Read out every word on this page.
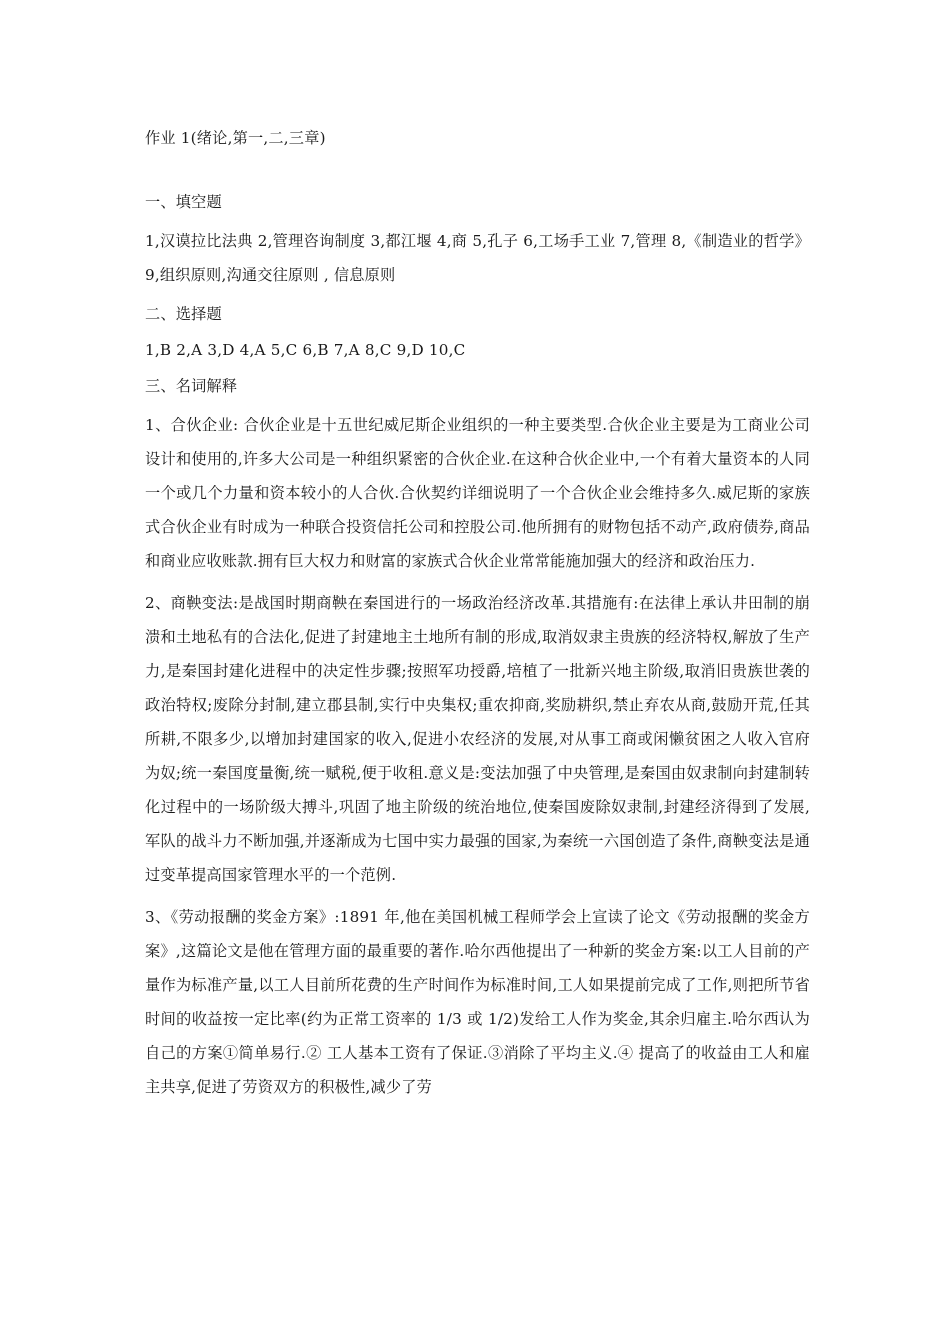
作业 1(绪论,第一,二,三章)
一、填空题
1,汉谟拉比法典 2,管理咨询制度 3,都江堰 4,商 5,孔子 6,工场手工业 7,管理 8,《制造业的哲学》 9,组织原则,沟通交往原则 , 信息原则
二、选择题
1,B 2,A 3,D 4,A 5,C 6,B 7,A 8,C 9,D 10,C
三、名词解释
1、合伙企业: 合伙企业是十五世纪威尼斯企业组织的一种主要类型.合伙企业主要是为工商业公司设计和使用的,许多大公司是一种组织紧密的合伙企业.在这种合伙企业中,一个有着大量资本的人同一个或几个力量和资本较小的人合伙.合伙契约详细说明了一个合伙企业会维持多久.威尼斯的家族式合伙企业有时成为一种联合投资信托公司和控股公司.他所拥有的财物包括不动产,政府债券,商品和商业应收账款.拥有巨大权力和财富的家族式合伙企业常常能施加强大的经济和政治压力.
2、商鞅变法:是战国时期商鞅在秦国进行的一场政治经济改革.其措施有:在法律上承认井田制的崩溃和土地私有的合法化,促进了封建地主土地所有制的形成,取消奴隶主贵族的经济特权,解放了生产力,是秦国封建化进程中的决定性步骤;按照军功授爵,培植了一批新兴地主阶级,取消旧贵族世袭的政治特权;废除分封制,建立郡县制,实行中央集权;重农抑商,奖励耕织,禁止弃农从商,鼓励开荒,任其所耕,不限多少,以增加封建国家的收入,促进小农经济的发展,对从事工商或闲懒贫困之人收入官府为奴;统一秦国度量衡,统一赋税,便于收租.意义是:变法加强了中央管理,是秦国由奴隶制向封建制转化过程中的一场阶级大搏斗,巩固了地主阶级的统治地位,使秦国废除奴隶制,封建经济得到了发展,军队的战斗力不断加强,并逐渐成为七国中实力最强的国家,为秦统一六国创造了条件,商鞅变法是通过变革提高国家管理水平的一个范例.
3、《劳动报酬的奖金方案》:1891 年,他在美国机械工程师学会上宣读了论文《劳动报酬的奖金方案》,这篇论文是他在管理方面的最重要的著作.哈尔西他提出了一种新的奖金方案:以工人目前的产量作为标准产量,以工人目前所花费的生产时间作为标准时间,工人如果提前完成了工作,则把所节省时间的收益按一定比率(约为正常工资率的 1/3 或 1/2)发给工人作为奖金,其余归雇主.哈尔西认为自己的方案①简单易行.② 工人基本工资有了保证.③消除了平均主义.④ 提高了的收益由工人和雇主共享,促进了劳资双方的积极性,减少了劳
